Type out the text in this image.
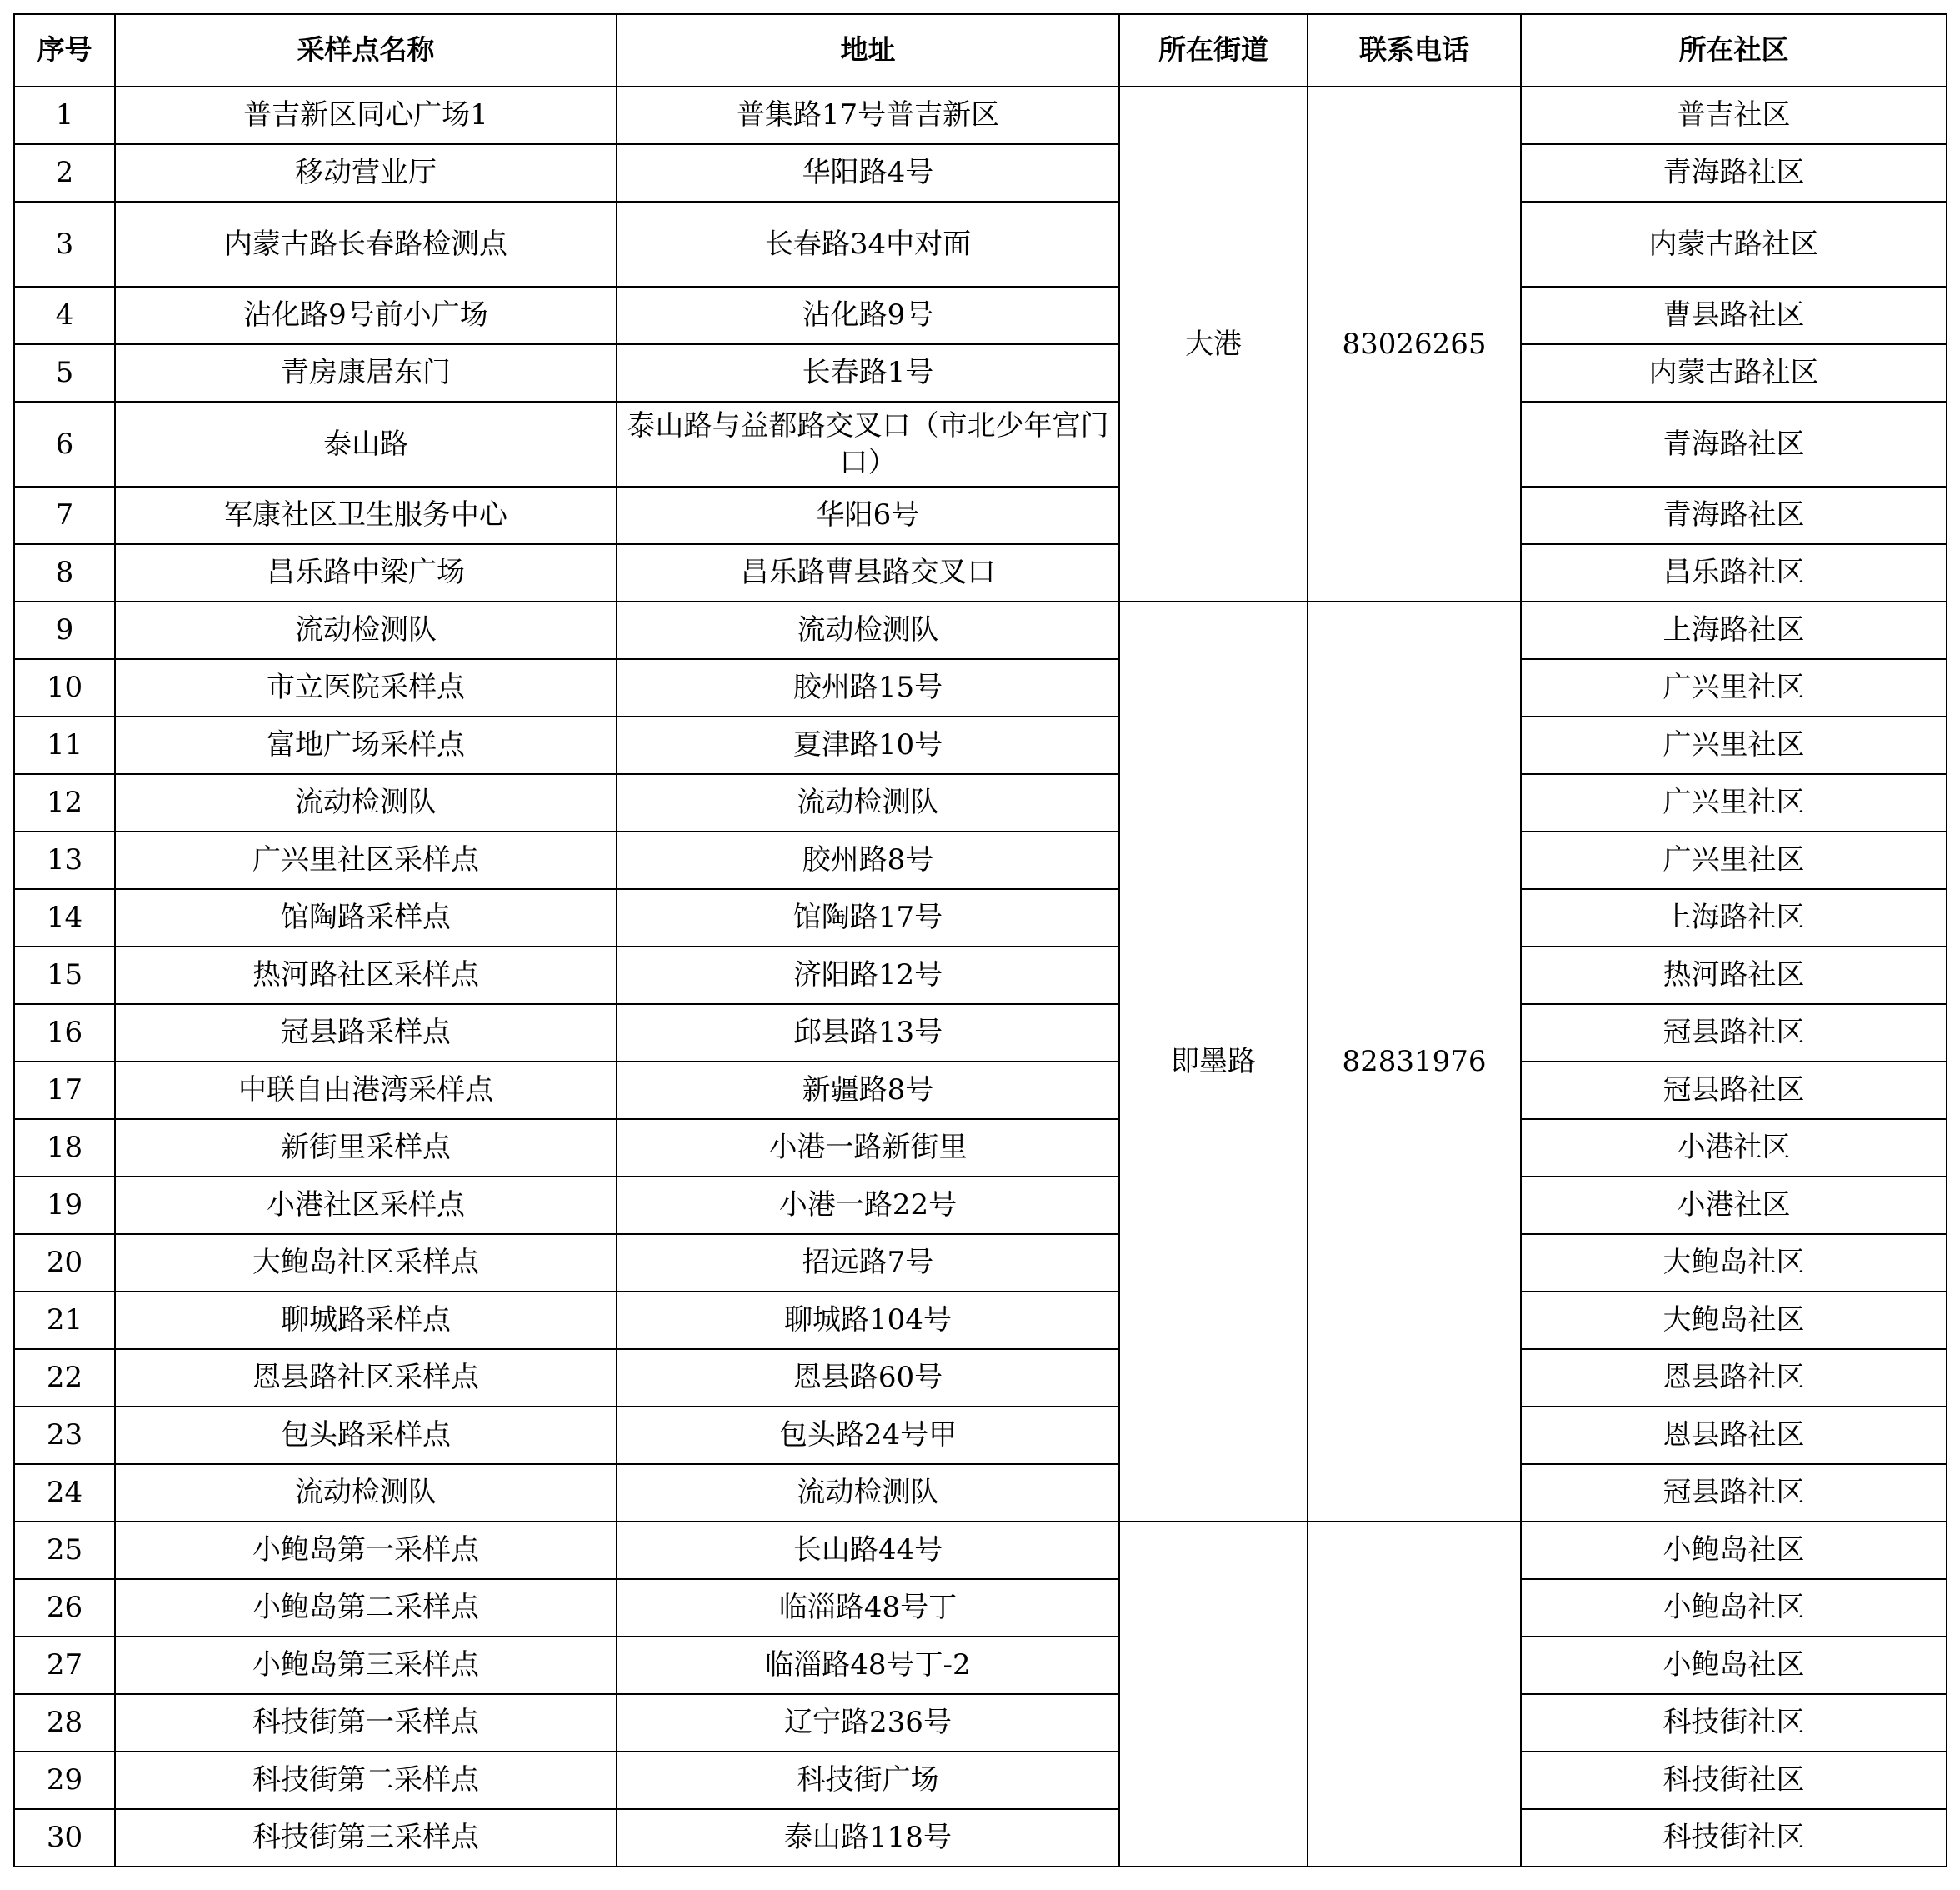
序号	采样点名称	地址	所在街道	联系电话	所在社区
1	普吉新区同心广场1	普集路17号普吉新区	大港	83026265	普吉社区
2	移动营业厅	华阳路4号			青海路社区
3	内蒙古路长春路检测点	长春路34中对面			内蒙古路社区
4	沾化路9号前小广场	沾化路9号			曹县路社区
5	青房康居东门	长春路1号			内蒙古路社区
6	泰山路	泰山路与益都路交叉口（市北少年宫门口）			青海路社区
7	军康社区卫生服务中心	华阳6号			青海路社区
8	昌乐路中梁广场	昌乐路曹县路交叉口			昌乐路社区
9	流动检测队	流动检测队	即墨路	82831976	上海路社区
10	市立医院采样点	胶州路15号			广兴里社区
11	富地广场采样点	夏津路10号			广兴里社区
12	流动检测队	流动检测队			广兴里社区
13	广兴里社区采样点	胶州路8号			广兴里社区
14	馆陶路采样点	馆陶路17号			上海路社区
15	热河路社区采样点	济阳路12号			热河路社区
16	冠县路采样点	邱县路13号			冠县路社区
17	中联自由港湾采样点	新疆路8号			冠县路社区
18	新街里采样点	小港一路新街里			小港社区
19	小港社区采样点	小港一路22号			小港社区
20	大鲍岛社区采样点	招远路7号			大鲍岛社区
21	聊城路采样点	聊城路104号			大鲍岛社区
22	恩县路社区采样点	恩县路60号			恩县路社区
23	包头路采样点	包头路24号甲			恩县路社区
24	流动检测队	流动检测队			冠县路社区
25	小鲍岛第一采样点	长山路44号			小鲍岛社区
26	小鲍岛第二采样点	临淄路48号丁			小鲍岛社区
27	小鲍岛第三采样点	临淄路48号丁-2			小鲍岛社区
28	科技街第一采样点	辽宁路236号			科技街社区
29	科技街第二采样点	科技街广场			科技街社区
30	科技街第三采样点	泰山路118号			科技街社区
